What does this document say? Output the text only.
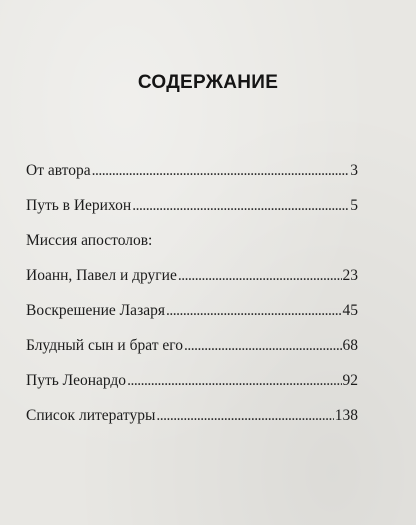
СОДЕРЖАНИЕ
От автора .....	3
Путь в Иерихон .....	5
Миссия апостолов:
Иоанн, Павел и другие .....	23
Воскрешение Лазаря .....	45
Блудный сын и брат его .....	68
Путь Леонардо .....	92
Список литературы .....	138
